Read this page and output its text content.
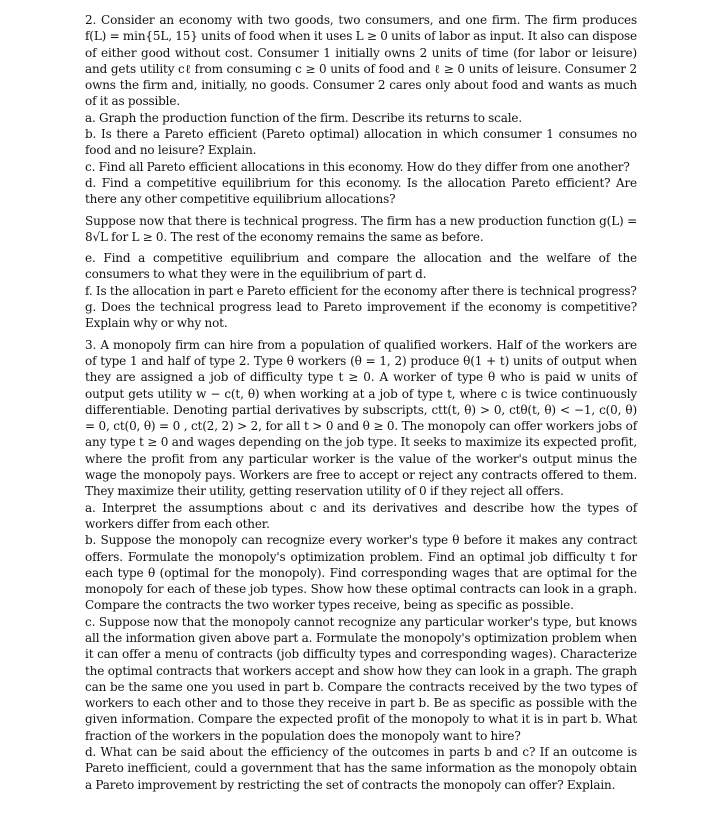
2. Consider an economy with two goods, two consumers, and one firm. The firm produces f(L) = min{5L, 15} units of food when it uses L ≥ 0 units of labor as input. It also can dispose of either good without cost. Consumer 1 initially owns 2 units of time (for labor or leisure) and gets utility cℓ from consuming c ≥ 0 units of food and ℓ ≥ 0 units of leisure. Consumer 2 owns the firm and, initially, no goods. Consumer 2 cares only about food and wants as much of it as possible.

a. Graph the production function of the firm. Describe its returns to scale.

b. Is there a Pareto efficient (Pareto optimal) allocation in which consumer 1 consumes no food and no leisure? Explain.

c. Find all Pareto efficient allocations in this economy. How do they differ from one another?

d. Find a competitive equilibrium for this economy. Is the allocation Pareto efficient? Are there any other competitive equilibrium allocations?

Suppose now that there is technical progress. The firm has a new production function g(L) = 8√L for L ≥ 0. The rest of the economy remains the same as before.

e. Find a competitive equilibrium and compare the allocation and the welfare of the consumers to what they were in the equilibrium of part d.

f. Is the allocation in part e Pareto efficient for the economy after there is technical progress?

g. Does the technical progress lead to Pareto improvement if the economy is competitive? Explain why or why not.

3. A monopoly firm can hire from a population of qualified workers. Half of the workers are of type 1 and half of type 2. Type θ workers (θ = 1, 2) produce θ(1 + t) units of output when they are assigned a job of difficulty type t ≥ 0. A worker of type θ who is paid w units of output gets utility w − c(t, θ) when working at a job of type t, where c is twice continuously differentiable. Denoting partial derivatives by subscripts, ctt(t, θ) > 0, ctθ(t, θ) < −1, c(0, θ) = 0, ct(0, θ) = 0 , ct(2, 2) > 2, for all t > 0 and θ ≥ 0. The monopoly can offer workers jobs of any type t ≥ 0 and wages depending on the job type. It seeks to maximize its expected profit, where the profit from any particular worker is the value of the worker's output minus the wage the monopoly pays. Workers are free to accept or reject any contracts offered to them. They maximize their utility, getting reservation utility of 0 if they reject all offers.

a. Interpret the assumptions about c and its derivatives and describe how the types of workers differ from each other.

b. Suppose the monopoly can recognize every worker's type θ before it makes any contract offers. Formulate the monopoly's optimization problem. Find an optimal job difficulty t for each type θ (optimal for the monopoly). Find corresponding wages that are optimal for the monopoly for each of these job types. Show how these optimal contracts can look in a graph. Compare the contracts the two worker types receive, being as specific as possible.

c. Suppose now that the monopoly cannot recognize any particular worker's type, but knows all the information given above part a. Formulate the monopoly's optimization problem when it can offer a menu of contracts (job difficulty types and corresponding wages). Characterize the optimal contracts that workers accept and show how they can look in a graph. The graph can be the same one you used in part b. Compare the contracts received by the two types of workers to each other and to those they receive in part b. Be as specific as possible with the given information. Compare the expected profit of the monopoly to what it is in part b. What fraction of the workers in the population does the monopoly want to hire?

d. What can be said about the efficiency of the outcomes in parts b and c? If an outcome is Pareto inefficient, could a government that has the same information as the monopoly obtain a Pareto improvement by restricting the set of contracts the monopoly can offer? Explain.
